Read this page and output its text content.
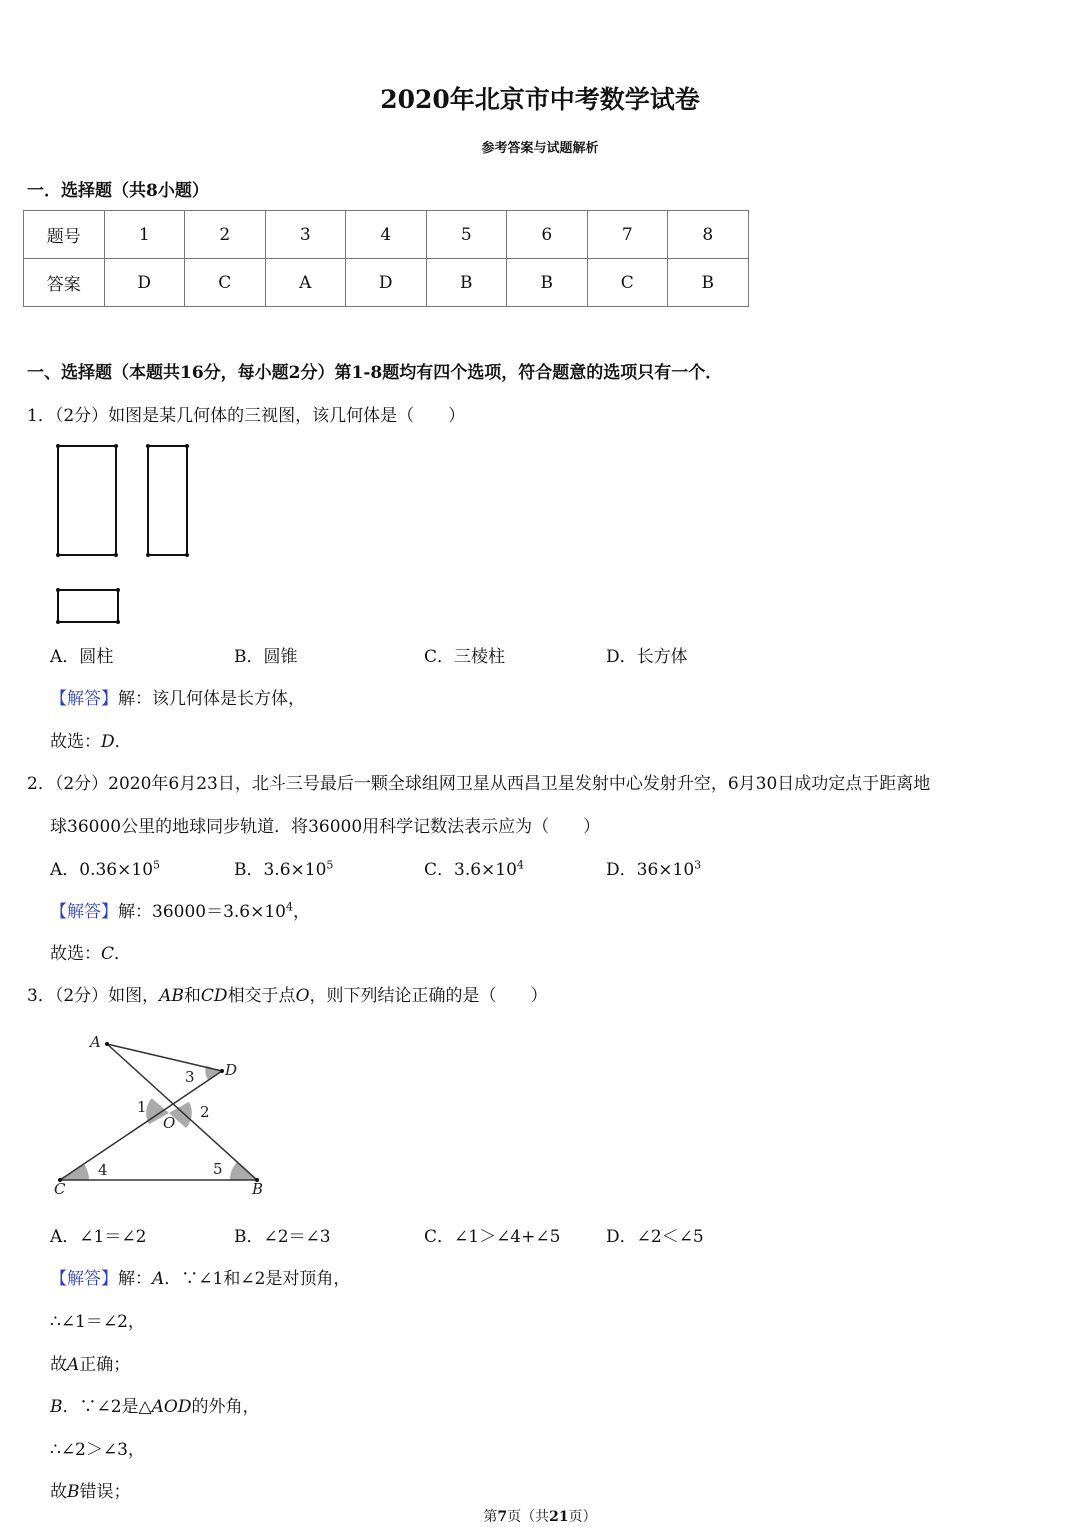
2020年北京市中考数学试卷
参考答案与试题解析
一．选择题（共8小题）
题号	1	2	3	4	5	6	7	8
答案	D	C	A	D	B	B	C	B
一、选择题（本题共16分，每小题2分）第1-8题均有四个选项，符合题意的选项只有一个．
1．（2分）如图是某几何体的三视图，该几何体是（　　）
A．圆柱	B．圆锥	C．三棱柱	D．长方体
【解答】解：该几何体是长方体，
故选：D．
2．（2分）2020年6月23日，北斗三号最后一颗全球组网卫星从西昌卫星发射中心发射升空，6月30日成功定点于距离地
球36000公里的地球同步轨道．将36000用科学记数法表示应为（　　）
A．$0.36\times 10^5$	B．$3.6\times 10^5$	C．$3.6\times 10^4$	D．$36\times 10^3$
【解答】解：$36000=3.6\times 10^4$，
故选：C．
3．（2分）如图，AB和CD相交于点O，则下列结论正确的是（　　）
A
D
C	B
O
1	2
3
4	5
A．∠1＝∠2	B．∠2＝∠3	C．∠1＞∠4+∠5	D．∠2＜∠5
【解答】解：A．∵∠1和∠2是对顶角，
∴∠1＝∠2，
故A正确；
B．∵∠2是△AOD的外角，
∴∠2＞∠3，
故B错误；
第7页（共21页）
